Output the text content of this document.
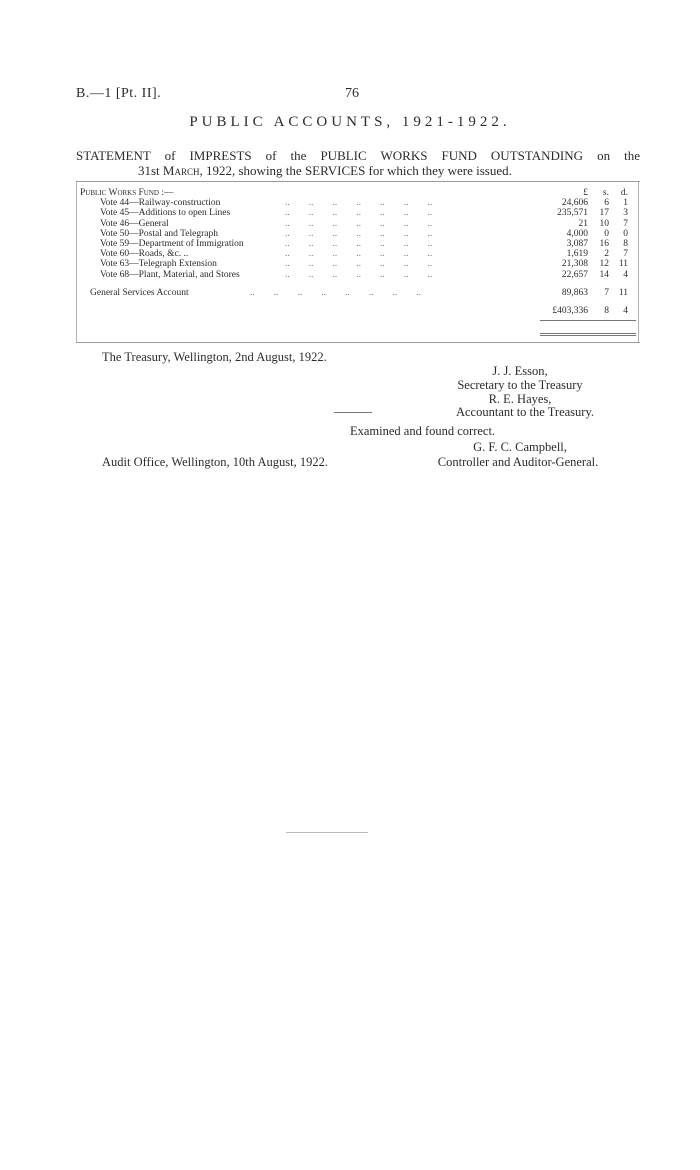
B.—1 [Pt. II].	76
PUBLIC ACCOUNTS, 1921-1922.
STATEMENT of IMPRESTS of the PUBLIC WORKS FUND OUTSTANDING on the
31st March, 1922, showing the SERVICES for which they were issued.
Public Works Fund :—	£	s.	d.
Vote 44—Railway-construction	..        ..        ..        ..        ..        ..        ..	24,606	6	1
Vote 45—Additions to open Lines	..        ..        ..        ..        ..        ..        ..	235,571	17	3
Vote 46—General	..        ..        ..        ..        ..        ..        ..	21	10	7
Vote 50—Postal and Telegraph	..        ..        ..        ..        ..        ..        ..	4,000	0	0
Vote 59—Department of Immigration	..        ..        ..        ..        ..        ..        ..	3,087	16	8
Vote 60—Roads, &c. ..	..        ..        ..        ..        ..        ..        ..	1,619	2	7
Vote 63—Telegraph Extension	..        ..        ..        ..        ..        ..        ..	21,308	12 11
Vote 68—Plant, Material, and Stores	..        ..        ..        ..        ..        ..        ..	22,657	14	4
General Services Account	..        ..        ..        ..        ..        ..        ..        ..	89,863	7 11
£403,336	8	4
The Treasury, Wellington, 2nd August, 1922.
J. J. Esson,
Secretary to the Treasury
R. E. Hayes,
Accountant to the Treasury.
Examined and found correct.
G. F. C. Campbell,
Audit Office, Wellington, 10th August, 1922.	Controller and Auditor-General.
